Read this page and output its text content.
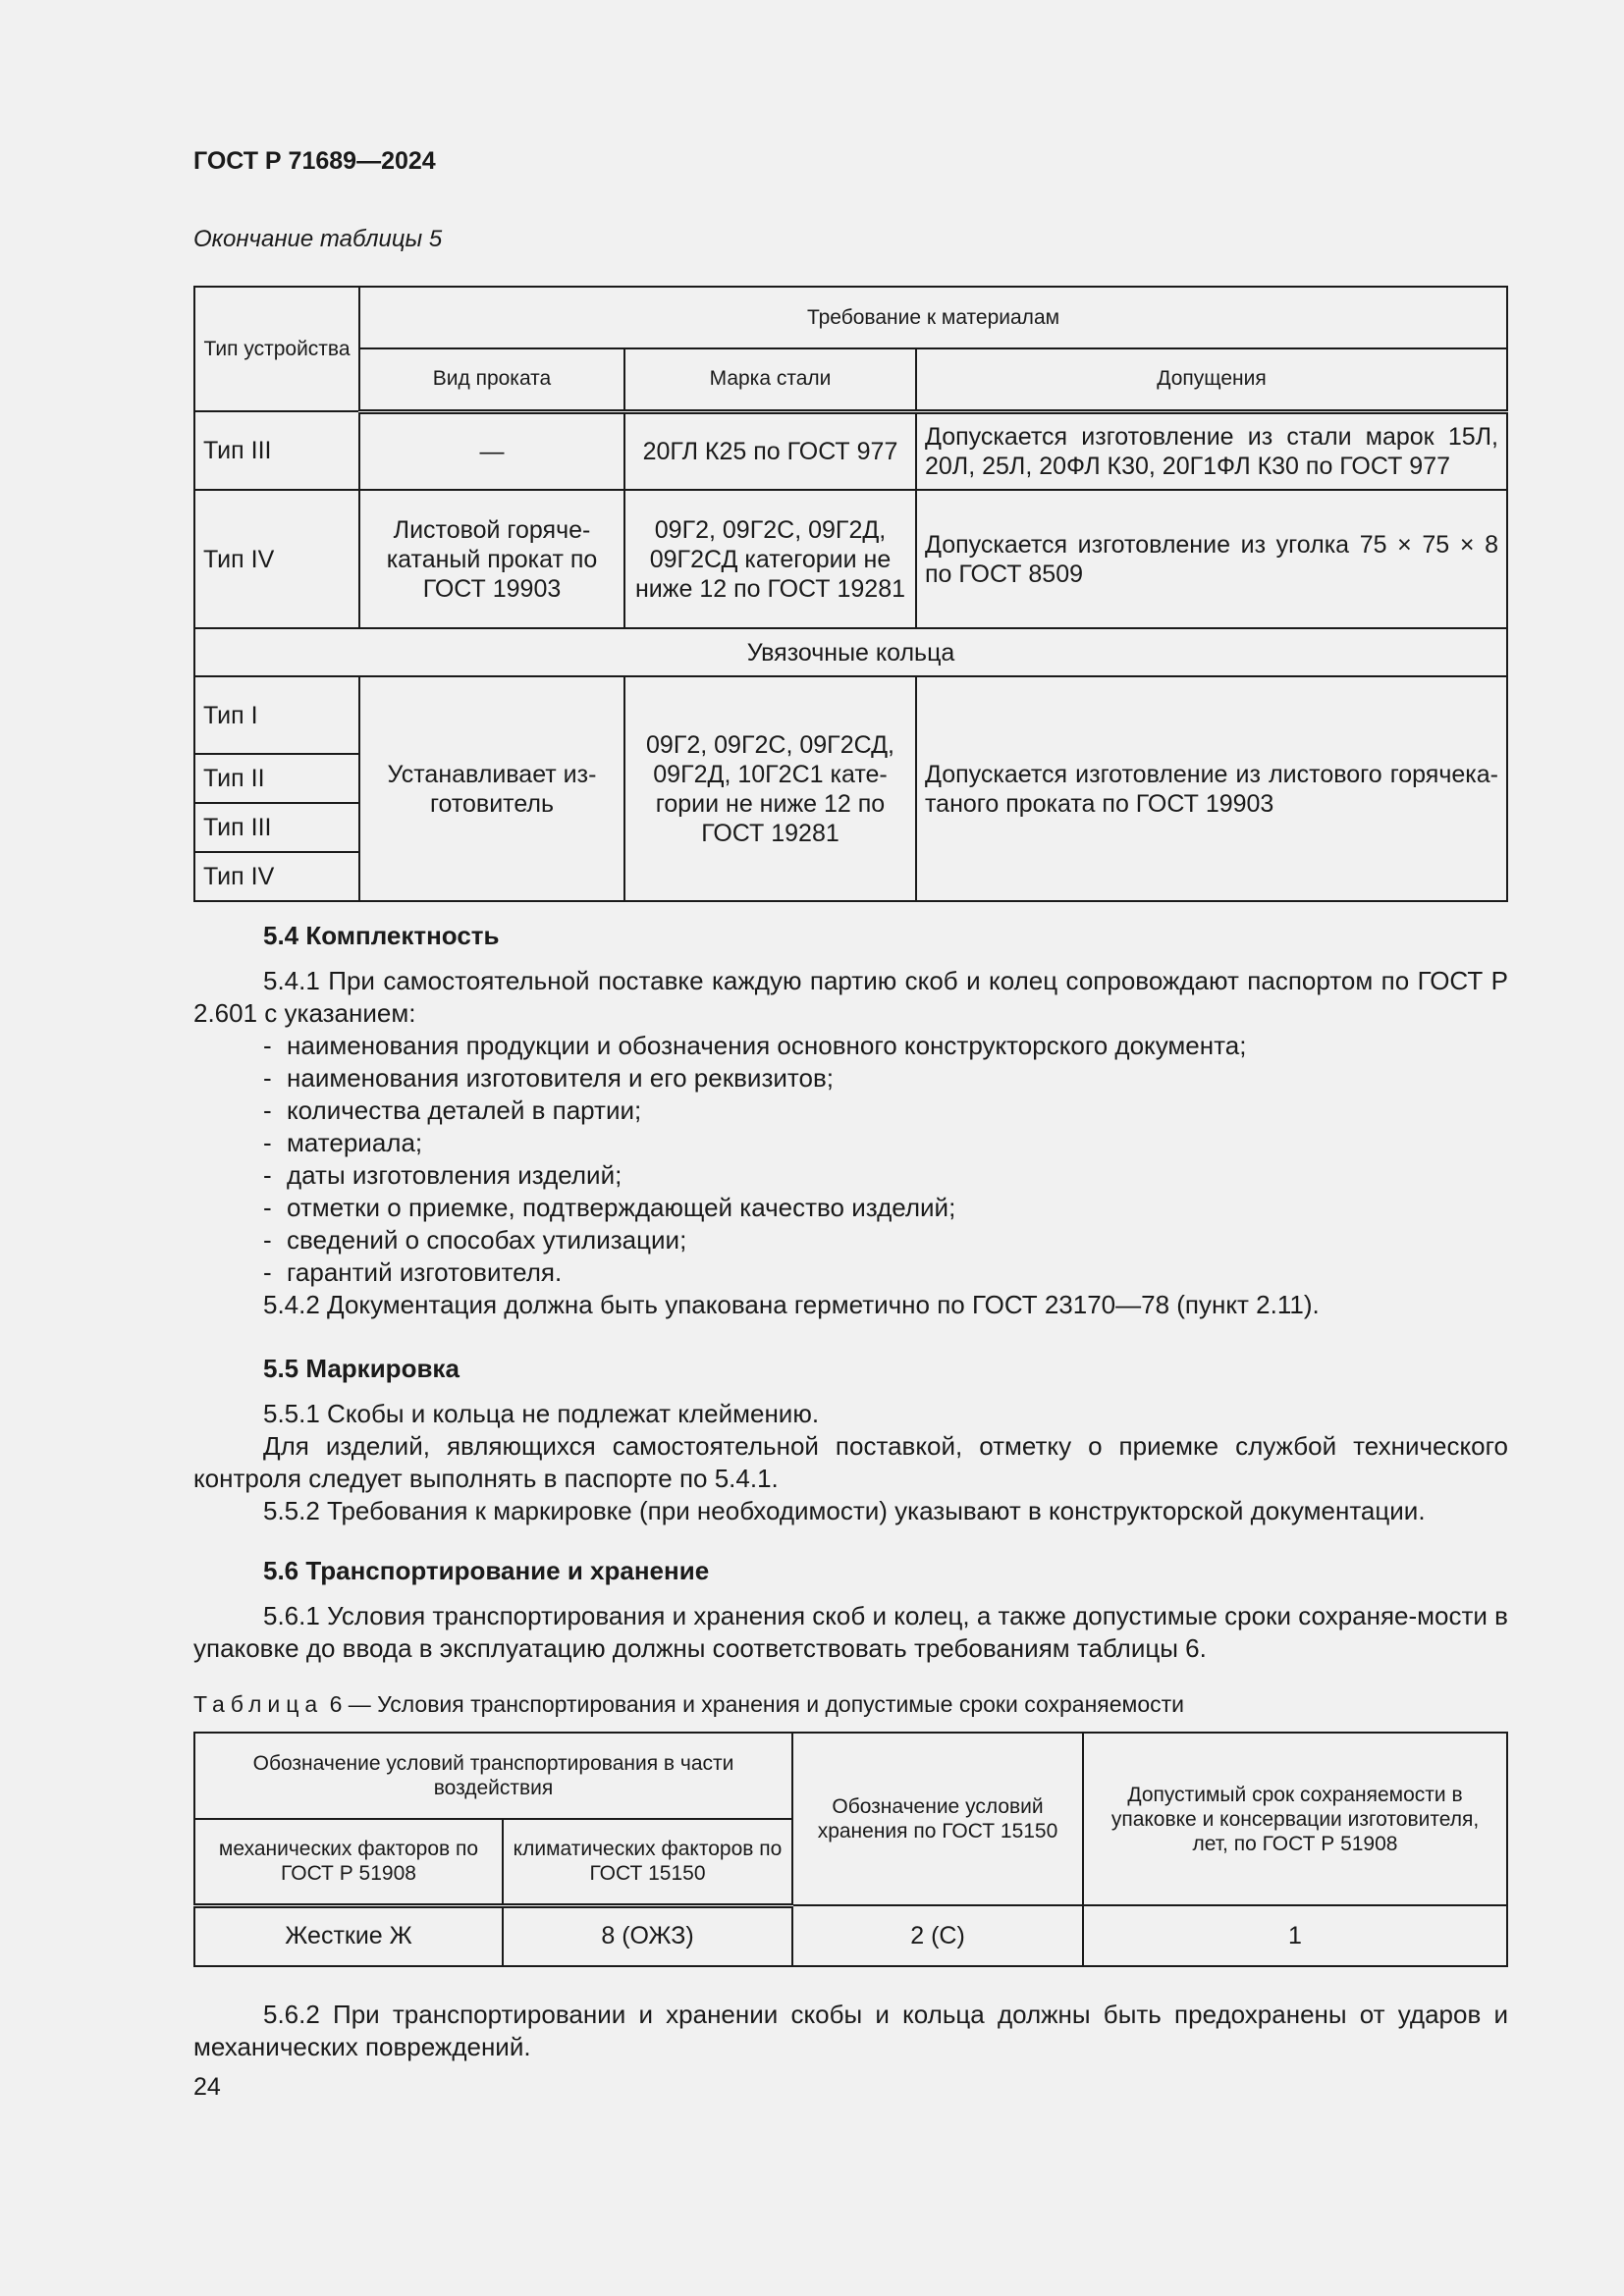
ГОСТ Р 71689—2024
Окончание таблицы 5
Тип устройства	Требование к материалам		
	Вид проката	Марка стали	Допущения
Тип III	—	20ГЛ К25 по ГОСТ 977	Допускается изготовление из стали марок 15Л, 20Л, 25Л, 20ФЛ К30, 20Г1ФЛ К30 по ГОСТ 977
Тип IV	Листовой горяче-катаный прокат по ГОСТ 19903	09Г2, 09Г2С, 09Г2Д, 09Г2СД категории не ниже 12 по ГОСТ 19281	Допускается изготовление из уголка 75 × 75 × 8 по ГОСТ 8509
Увязочные кольца			
Тип I	Устанавливает из-готовитель	09Г2, 09Г2С, 09Г2СД, 09Г2Д, 10Г2С1 кате-гории не ниже 12 по ГОСТ 19281	Допускается изготовление из листового горячека-таного проката по ГОСТ 19903
Тип II			
Тип III			
Тип IV			
5.4 Комплектность

5.4.1 При самостоятельной поставке каждую партию скоб и колец сопровождают паспортом по ГОСТ Р 2.601 с указанием:

- наименования продукции и обозначения основного конструкторского документа;
- наименования изготовителя и его реквизитов;
- количества деталей в партии;
- материала;
- даты изготовления изделий;
- отметки о приемке, подтверждающей качество изделий;
- сведений о способах утилизации;
- гарантий изготовителя.

5.4.2 Документация должна быть упакована герметично по ГОСТ 23170—78 (пункт 2.11).

5.5 Маркировка

5.5.1 Скобы и кольца не подлежат клеймению.

Для изделий, являющихся самостоятельной поставкой, отметку о приемке службой технического контроля следует выполнять в паспорте по 5.4.1.

5.5.2 Требования к маркировке (при необходимости) указывают в конструкторской документации.

5.6 Транспортирование и хранение

5.6.1 Условия транспортирования и хранения скоб и колец, а также допустимые сроки сохраняе-мости в упаковке до ввода в эксплуатацию должны соответствовать требованиям таблицы 6.

Таблица 6 — Условия транспортирования и хранения и допустимые сроки сохраняемости
Обозначение условий транспортирования в части воздействия		Обозначение условий хранения по ГОСТ 15150	Допустимый срок сохраняемости в упаковке и консервации изготовителя, лет, по ГОСТ Р 51908
механических факторов по ГОСТ Р 51908	климатических факторов по ГОСТ 15150		
Жесткие Ж	8 (ОЖЗ)	2 (С)	1

5.6.2 При транспортировании и хранении скобы и кольца должны быть предохранены от ударов и механических повреждений.

24
